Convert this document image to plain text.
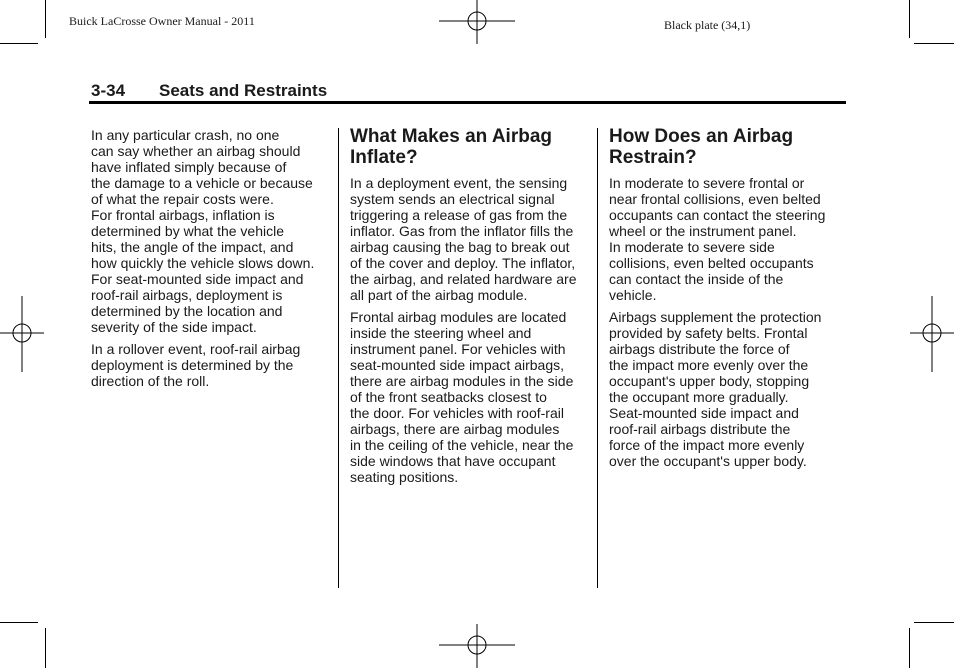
Buick LaCrosse Owner Manual - 2011	Black plate (34,1)
3-34 Seats and Restraints

In any particular crash, no one
can say whether an airbag should
have inflated simply because of
the damage to a vehicle or because
of what the repair costs were.
For frontal airbags, inflation is
determined by what the vehicle
hits, the angle of the impact, and
how quickly the vehicle slows down.
For seat-mounted side impact and
roof-rail airbags, deployment is
determined by the location and
severity of the side impact.

In a rollover event, roof-rail airbag
deployment is determined by the
direction of the roll.

What Makes an Airbag
Inflate?

In a deployment event, the sensing
system sends an electrical signal
triggering a release of gas from the
inflator. Gas from the inflator fills the
airbag causing the bag to break out
of the cover and deploy. The inflator,
the airbag, and related hardware are
all part of the airbag module.

Frontal airbag modules are located
inside the steering wheel and
instrument panel. For vehicles with
seat-mounted side impact airbags,
there are airbag modules in the side
of the front seatbacks closest to
the door. For vehicles with roof-rail
airbags, there are airbag modules
in the ceiling of the vehicle, near the
side windows that have occupant
seating positions.

How Does an Airbag
Restrain?

In moderate to severe frontal or
near frontal collisions, even belted
occupants can contact the steering
wheel or the instrument panel.
In moderate to severe side
collisions, even belted occupants
can contact the inside of the
vehicle.

Airbags supplement the protection
provided by safety belts. Frontal
airbags distribute the force of
the impact more evenly over the
occupant's upper body, stopping
the occupant more gradually.
Seat-mounted side impact and
roof-rail airbags distribute the
force of the impact more evenly
over the occupant's upper body.
